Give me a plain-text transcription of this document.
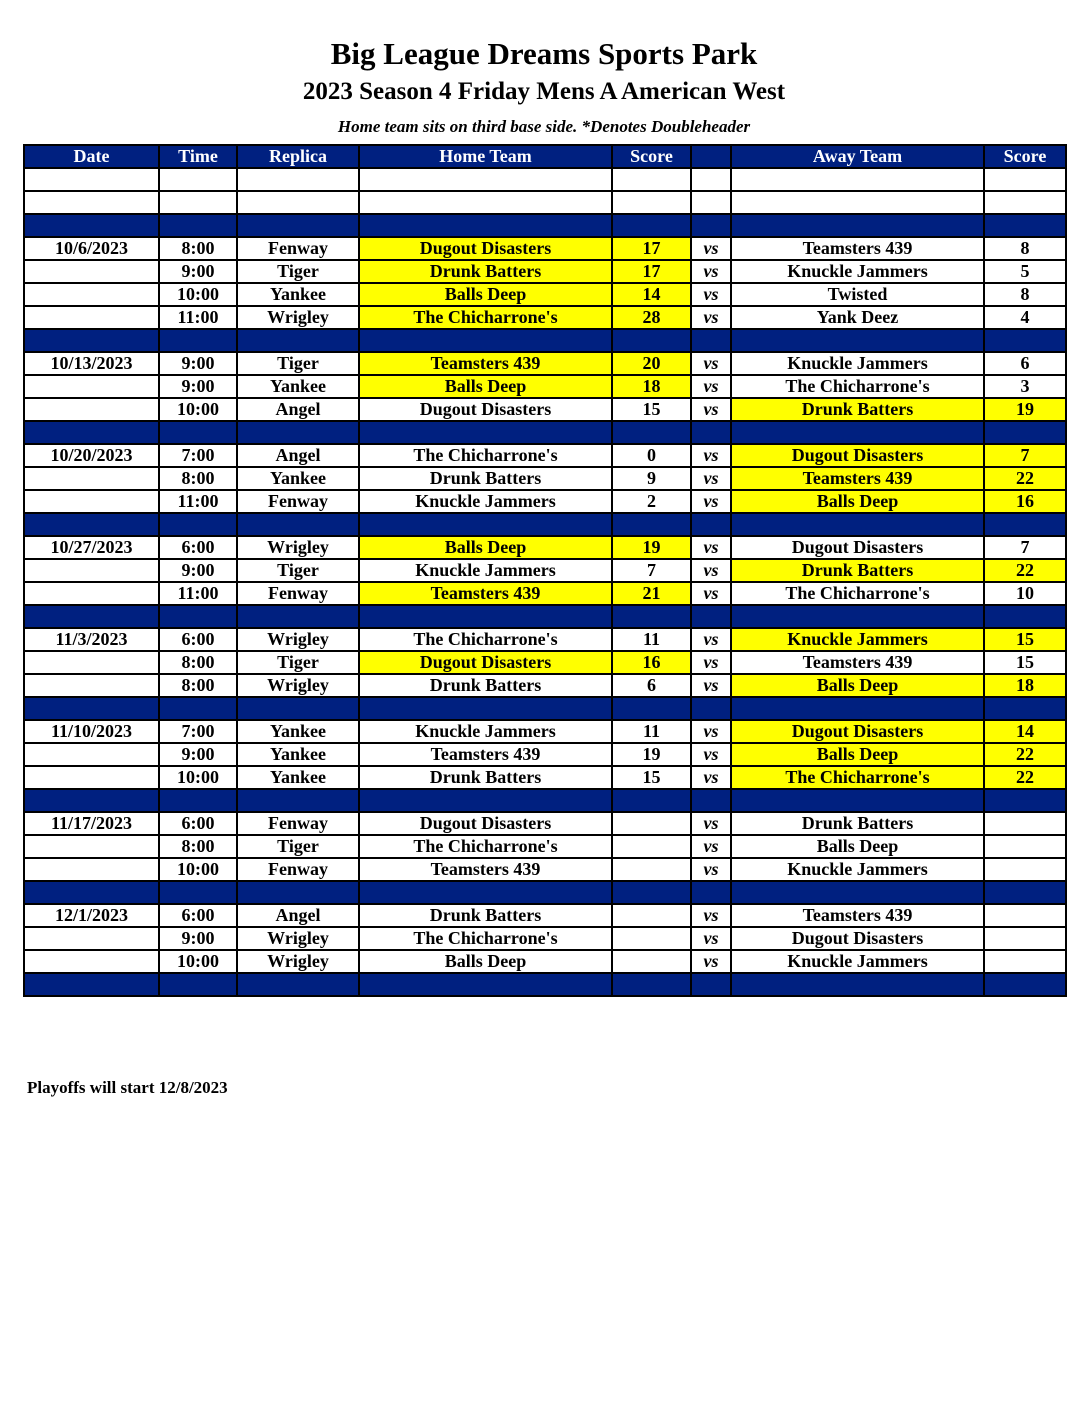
Big League Dreams Sports Park
2023 Season 4 Friday Mens A American West
Home team sits on third base side. *Denotes Doubleheader
Date	Time	Replica	Home Team	Score		Away Team	Score

10/6/2023	8:00	Fenway	Dugout Disasters	17	vs	Teamsters 439	8
	9:00	Tiger	Drunk Batters	17	vs	Knuckle Jammers	5
	10:00	Yankee	Balls Deep	14	vs	Twisted	8
	11:00	Wrigley	The Chicharrone's	28	vs	Yank Deez	4

10/13/2023	9:00	Tiger	Teamsters 439	20	vs	Knuckle Jammers	6
	9:00	Yankee	Balls Deep	18	vs	The Chicharrone's	3
	10:00	Angel	Dugout Disasters	15	vs	Drunk Batters	19

10/20/2023	7:00	Angel	The Chicharrone's	0	vs	Dugout Disasters	7
	8:00	Yankee	Drunk Batters	9	vs	Teamsters 439	22
	11:00	Fenway	Knuckle Jammers	2	vs	Balls Deep	16

10/27/2023	6:00	Wrigley	Balls Deep	19	vs	Dugout Disasters	7
	9:00	Tiger	Knuckle Jammers	7	vs	Drunk Batters	22
	11:00	Fenway	Teamsters 439	21	vs	The Chicharrone's	10

11/3/2023	6:00	Wrigley	The Chicharrone's	11	vs	Knuckle Jammers	15
	8:00	Tiger	Dugout Disasters	16	vs	Teamsters 439	15
	8:00	Wrigley	Drunk Batters	6	vs	Balls Deep	18

11/10/2023	7:00	Yankee	Knuckle Jammers	11	vs	Dugout Disasters	14
	9:00	Yankee	Teamsters 439	19	vs	Balls Deep	22
	10:00	Yankee	Drunk Batters	15	vs	The Chicharrone's	22

11/17/2023	6:00	Fenway	Dugout Disasters		vs	Drunk Batters	
	8:00	Tiger	The Chicharrone's		vs	Balls Deep	
	10:00	Fenway	Teamsters 439		vs	Knuckle Jammers	

12/1/2023	6:00	Angel	Drunk Batters		vs	Teamsters 439	
	9:00	Wrigley	The Chicharrone's		vs	Dugout Disasters	
	10:00	Wrigley	Balls Deep		vs	Knuckle Jammers	

Playoffs will start 12/8/2023
